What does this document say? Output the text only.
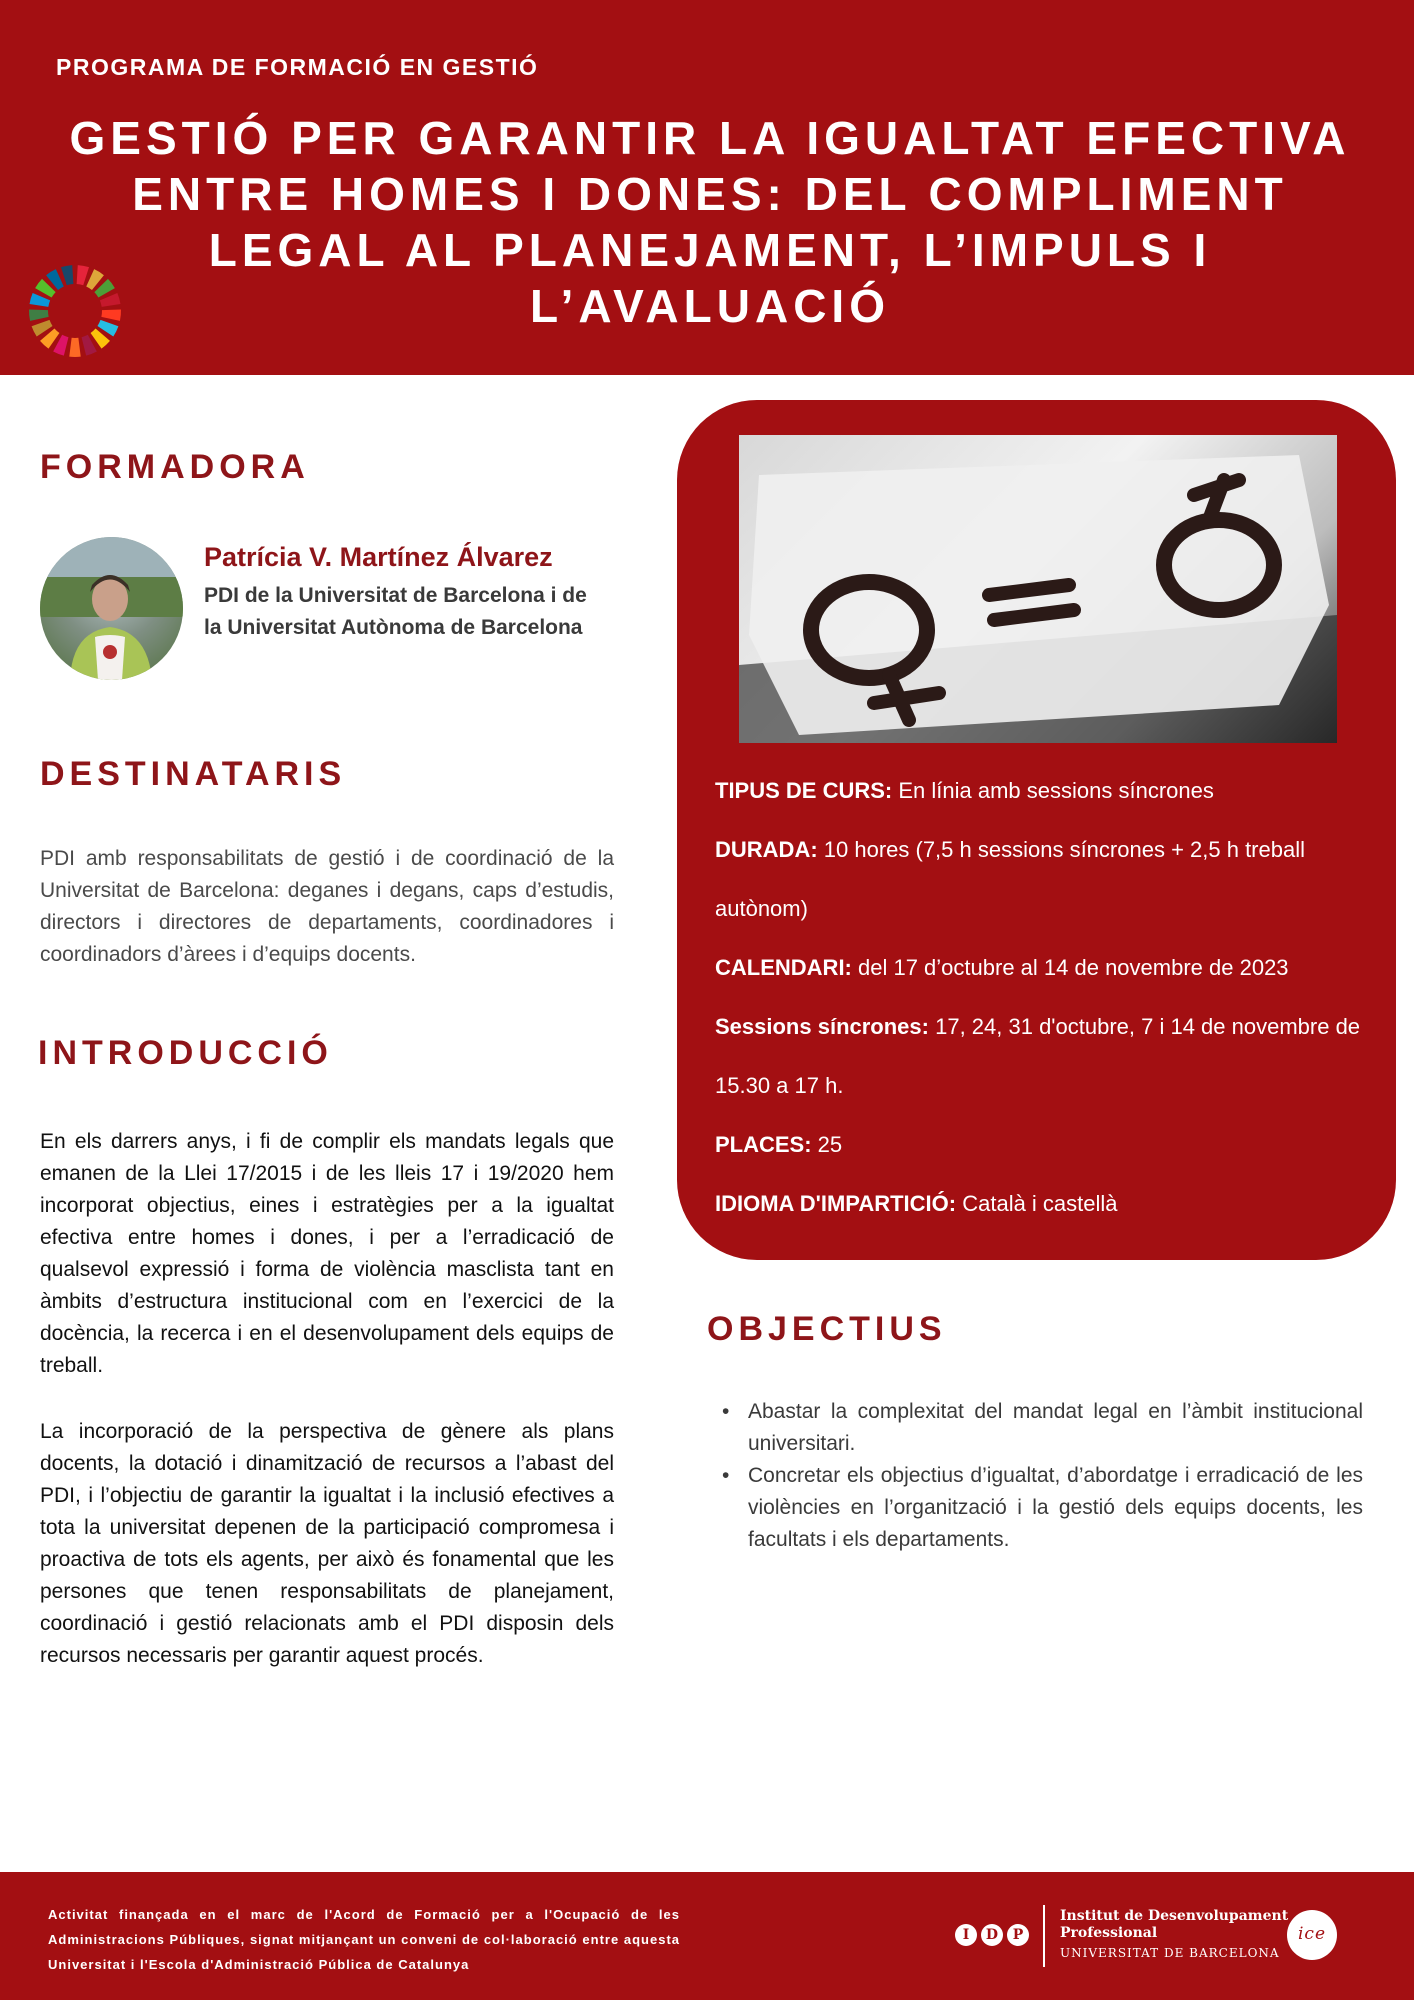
PROGRAMA DE FORMACIÓ EN GESTIÓ
GESTIÓ PER GARANTIR LA IGUALTAT EFECTIVA
ENTRE HOMES I DONES: DEL COMPLIMENT
LEGAL AL PLANEJAMENT, L’IMPULS I
L’AVALUACIÓ
FORMADORA
Patrícia V. Martínez Álvarez
PDI de la Universitat de Barcelona i de
la Universitat Autònoma de Barcelona
DESTINATARIS
PDI amb responsabilitats de gestió i de coordinació de la Universitat de Barcelona: deganes i degans, caps d’estudis, directors i directores de departaments, coordinadores i coordinadors d’àrees i d’equips docents.
INTRODUCCIÓ
En els darrers anys, i fi de complir els mandats legals que emanen de la Llei 17/2015 i de les lleis 17 i 19/2020 hem incorporat objectius, eines i estratègies per a la igualtat efectiva entre homes i dones, i per a l’erradicació de qualsevol expressió i forma de violència masclista tant en àmbits d’estructura institucional com en l’exercici de la docència, la recerca i en el desenvolupament dels equips de treball.
La incorporació de la perspectiva de gènere als plans docents, la dotació i dinamització de recursos a l’abast del PDI, i l’objectiu de garantir la igualtat i la inclusió efectives a tota la universitat depenen de la participació compromesa i proactiva de tots els agents, per això és fonamental que les persones que tenen responsabilitats de planejament, coordinació i gestió relacionats amb el PDI disposin dels recursos necessaris per garantir aquest procés.
TIPUS DE CURS: En línia amb sessions síncrones
DURADA: 10 hores (7,5 h sessions síncrones + 2,5 h treball
autònom)
CALENDARI: del 17 d’octubre al 14 de novembre de 2023
Sessions síncrones: 17, 24, 31 d'octubre, 7 i 14 de novembre de
15.30 a 17 h.
PLACES: 25
IDIOMA D'IMPARTICIÓ: Català i castellà
OBJECTIUS
• Abastar la complexitat del mandat legal en l’àmbit institucional universitari.
• Concretar els objectius d’igualtat, d’abordatge i erradicació de les violències en l’organització i la gestió dels equips docents, les facultats i els departaments.
Activitat finançada en el marc de l'Acord de Formació per a l'Ocupació de les Administracions Públiques, signat mitjançant un conveni de col·laboració entre aquesta Universitat i l'Escola d'Administració Pública de Catalunya
I	D	P
Institut de Desenvolupament
Professional
UNIVERSITAT DE BARCELONA
ice
